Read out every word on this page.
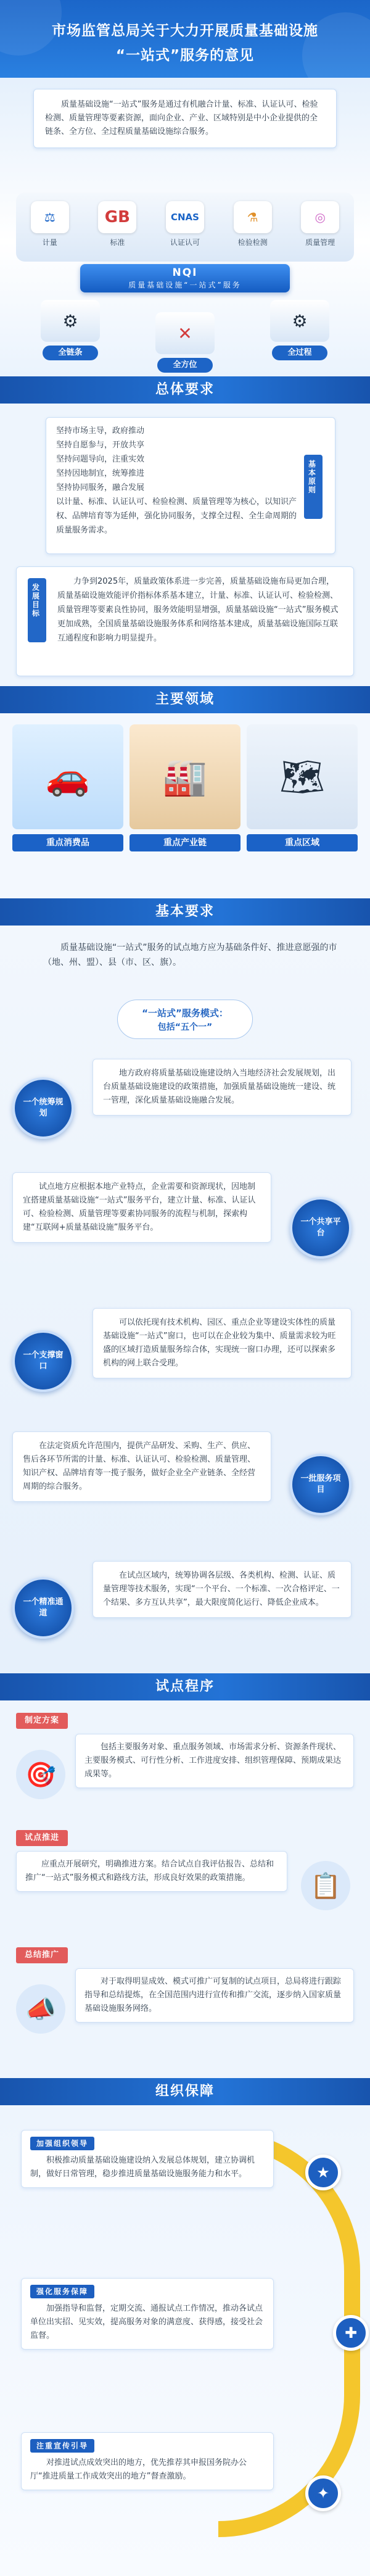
市场监管总局关于大力开展质量基础设施
“一站式”服务的意见
质量基础设施“一站式”服务是通过有机融合计量、标准、认证认可、检验检测、质量管理等要素资源，面向企业、产业、区域特别是中小企业提供的全链条、全方位、全过程质量基础设施综合服务。
⚖
计量
GB
标准
CNAS
认证认可
⚗
检验检测
◎
质量管理
NQI
质量基础设施“一站式”服务
⚙
全链条
✕
全方位
⚙
全过程
总体要求
坚持市场主导，政府推动
坚持自愿参与，开放共享
坚持问题导向，注重实效
坚持因地制宜，统筹推进
坚持协同服务，融合发展
以计量、标准、认证认可、检验检测、质量管理等为核心，以知识产权、品牌培育等为延伸，强化协同服务，支撑全过程、全生命周期的质量服务需求。
基本原则
发展目标
力争到2025年，质量政策体系进一步完善，质量基础设施布局更加合理，质量基础设施效能评价指标体系基本建立，计量、标准、认证认可、检验检测、质量管理等要素良性协同，服务效能明显增强，质量基础设施“一站式”服务模式更加成熟，全国质量基础设施服务体系和网络基本建成，质量基础设施国际互联互通程度和影响力明显提升。
主要领域
🚗
重点消费品
🏭
重点产业链
🗺
重点区域
基本要求
质量基础设施“一站式”服务的试点地方应为基础条件好、推进意愿强的市（地、州、盟）、县（市、区、旗）。
“一站式”服务模式：
包括“五个一”
一个统筹规划
地方政府将质量基础设施建设纳入当地经济社会发展规划，出台质量基础设施建设的政策措施，加强质量基础设施统一建设、统一管理，深化质量基础设施融合发展。
试点地方应根据本地产业特点，企业需要和资源现状，因地制宜搭建质量基础设施“一站式”服务平台，建立计量、标准、认证认可、检验检测、质量管理等要素协同服务的流程与机制，探索构建“互联网+质量基础设施”服务平台。
一个共享平台
一个支撑窗口
可以依托现有技术机构、园区、重点企业等建设实体性的质量基础设施“一站式”窗口，也可以在企业较为集中、质量需求较为旺盛的区域打造质量服务综合体，实现统一窗口办理，还可以探索多机构的网上联合受理。
在法定资质允许范围内，提供产品研发、采购、生产、供应、售后各环节所需的计量、标准、认证认可、检验检测、质量管理、知识产权、品牌培育等一揽子服务，做好企业全产业链条、全经营周期的综合服务。
一批服务项目
一个精准通道
在试点区域内，统筹协调各层级、各类机构、检测、认证、质量管理等技术服务，实现“一个平台、一个标准、一次合格评定、一个结果、多方互认共享”，最大限度简化运行、降低企业成本。
试点程序
制定方案
🎯
包括主要服务对象、重点服务领域、市场需求分析、资源条件现状、主要服务模式、可行性分析、工作进度安排、组织管理保障、预期成果达成果等。
试点推进
应重点开展研究，明确推进方案。结合试点自我评估报告、总结和推广“一站式”服务模式和路线方法，形成良好效果的政策措施。	📋
总结推广
📣
对于取得明显成效、模式可推广可复制的试点项目，总局将进行跟踪指导和总结提炼，在全国范围内进行宣传和推广交流，逐步纳入国家质量基础设施服务网络。
组织保障
加强组织领导
积极推动质量基础设施建设纳入发展总体规划，建立协调机制，做好日常管理，稳步推进质量基础设施服务能力和水平。	★
强化服务保障
加强指导和监督，定期交流、通报试点工作情况，推动各试点单位出实招、见实效，提高服务对象的满意度、获得感，接受社会监督。	✚
注重宣传引导
对推进试点成效突出的地方，优先推荐其申报国务院办公厅“推进质量工作成效突出的地方”督查激励。
✦
